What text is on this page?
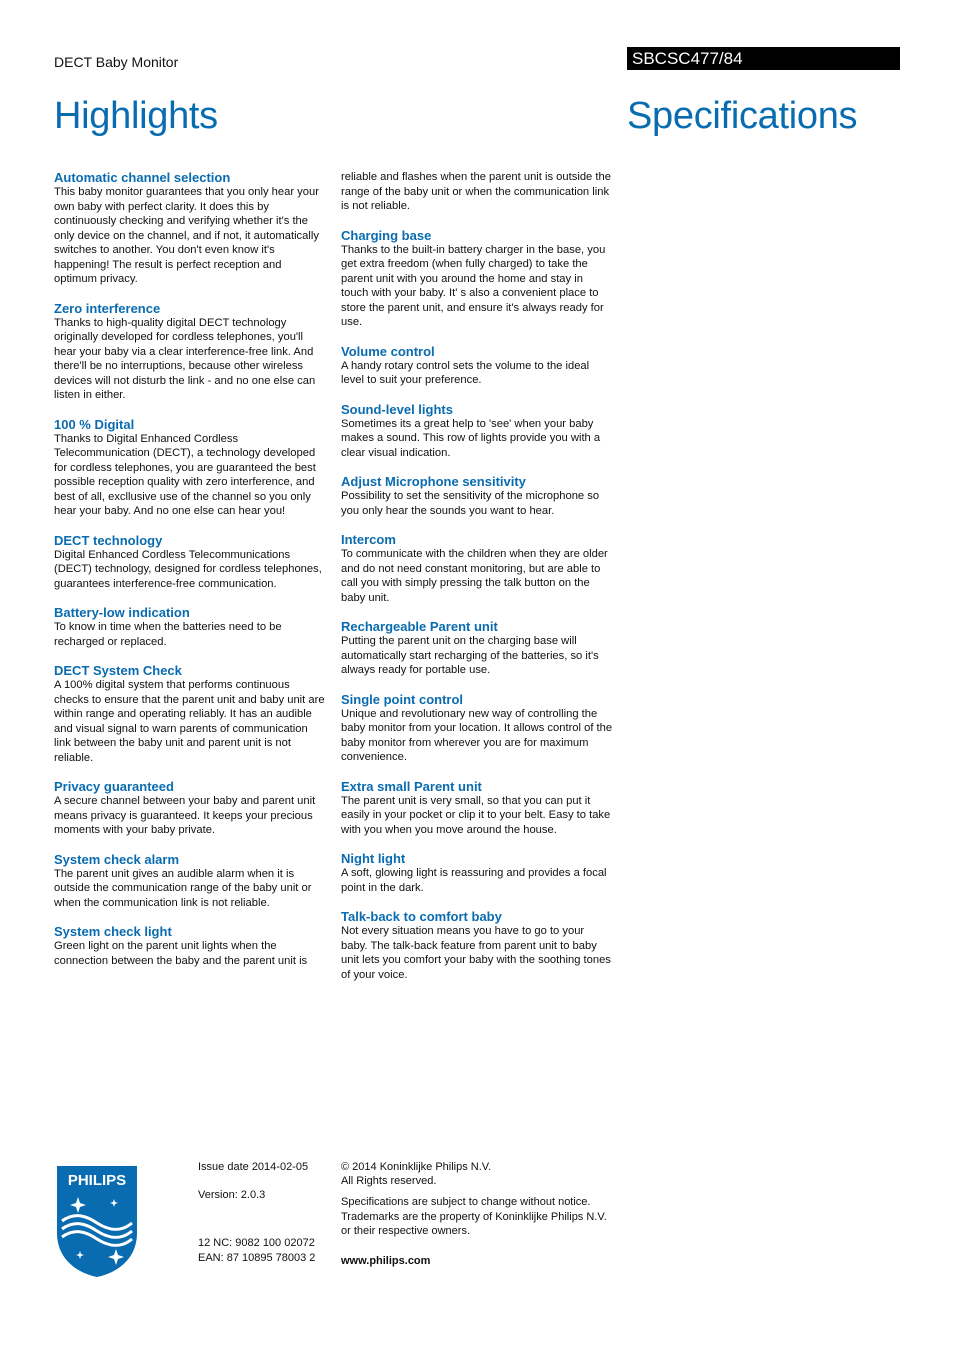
DECT Baby Monitor	SBCSC477/84
Highlights	Specifications
Automatic channel selection

This baby monitor guarantees that you only hear your own baby with perfect clarity. It does this by continuously checking and verifying whether it's the only device on the channel, and if not, it automatically switches to another. You don't even know it's happening! The result is perfect reception and optimum privacy.

Zero interference

Thanks to high-quality digital DECT technology originally developed for cordless telephones, you'll hear your baby via a clear interference-free link. And there'll be no interruptions, because other wireless devices will not disturb the link - and no one else can listen in either.

100 % Digital

Thanks to Digital Enhanced Cordless Telecommunication (DECT), a technology developed for cordless telephones, you are guaranteed the best possible reception quality with zero interference, and best of all, excllusive use of the channel so you only hear your baby. And no one else can hear you!

DECT technology

Digital Enhanced Cordless Telecommunications (DECT) technology, designed for cordless telephones, guarantees interference-free communication.

Battery-low indication

To know in time when the batteries need to be recharged or replaced.

DECT System Check

A 100% digital system that performs continuous checks to ensure that the parent unit and baby unit are within range and operating reliably. It has an audible and visual signal to warn parents of communication link between the baby unit and parent unit is not reliable.

Privacy guaranteed

A secure channel between your baby and parent unit means privacy is guaranteed. It keeps your precious moments with your baby private.

System check alarm

The parent unit gives an audible alarm when it is outside the communication range of the baby unit or when the communication link is not reliable.

System check light

Green light on the parent unit lights when the connection between the baby and the parent unit is

reliable and flashes when the parent unit is outside the range of the baby unit or when the communication link is not reliable.

Charging base

Thanks to the built-in battery charger in the base, you get extra freedom (when fully charged) to take the parent unit with you around the home and stay in touch with your baby. It' s also a convenient place to store the parent unit, and ensure it's always ready for use.

Volume control

A handy rotary control sets the volume to the ideal level to suit your preference.

Sound-level lights

Sometimes its a great help to 'see' when your baby makes a sound. This row of lights provide you with a clear visual indication.

Adjust Microphone sensitivity

Possibility to set the sensitivity of the microphone so you only hear the sounds you want to hear.

Intercom

To communicate with the children when they are older and do not need constant monitoring, but are able to call you with simply pressing the talk button on the baby unit.

Rechargeable Parent unit

Putting the parent unit on the charging base will automatically start recharging of the batteries, so it's always ready for portable use.

Single point control

Unique and revolutionary new way of controlling the baby monitor from your location. It allows control of the baby monitor from wherever you are for maximum convenience.

Extra small Parent unit

The parent unit is very small, so that you can put it easily in your pocket or clip it to your belt. Easy to take with you when you move around the house.

Night light

A soft, glowing light is reassuring and provides a focal point in the dark.

Talk-back to comfort baby

Not every situation means you have to go to your baby. The talk-back feature from parent unit to baby unit lets you comfort your baby with the soothing tones of your voice.

PHILIPS
Issue date 2014-02-05
Version: 2.0.3
12 NC: 9082 100 02072
EAN: 87 10895 78003 2
© 2014 Koninklijke Philips N.V.
All Rights reserved.
Specifications are subject to change without notice. Trademarks are the property of Koninklijke Philips N.V. or their respective owners.
www.philips.com
